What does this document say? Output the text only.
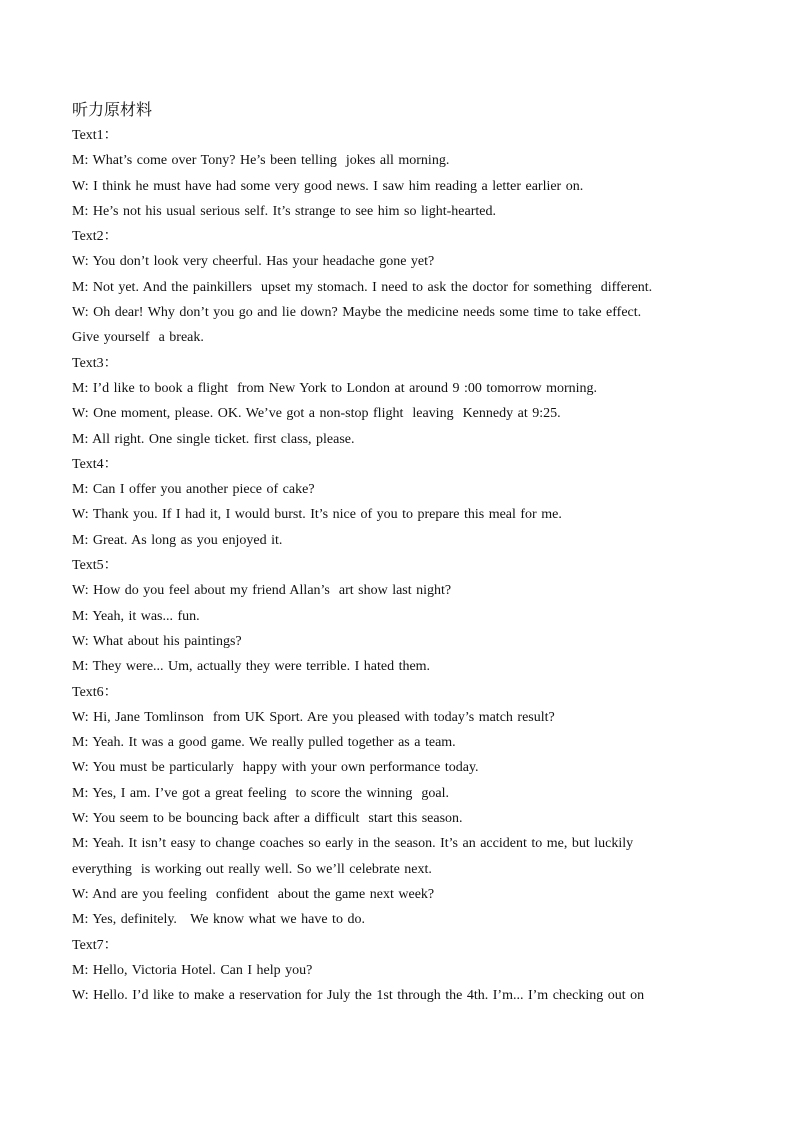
听力原材料
Text1：
M: What’s come over Tony? He’s been telling  jokes all morning.
W: I think he must have had some very good news. I saw him reading a letter earlier on.
M: He’s not his usual serious self. It’s strange to see him so light-hearted.
Text2：
W: You don’t look very cheerful. Has your headache gone yet?
M: Not yet. And the painkillers  upset my stomach. I need to ask the doctor for something  different.
W: Oh dear! Why don’t you go and lie down? Maybe the medicine needs some time to take effect.
Give yourself  a break.
Text3：
M: I’d like to book a flight  from New York to London at around 9 :00 tomorrow morning.
W: One moment, please. OK. We’ve got a non-stop flight  leaving  Kennedy at 9:25.
M: All right. One single ticket. first class, please.
Text4：
M: Can I offer you another piece of cake?
W: Thank you. If I had it, I would burst. It’s nice of you to prepare this meal for me.
M: Great. As long as you enjoyed it.
Text5：
W: How do you feel about my friend Allan’s  art show last night?
M: Yeah, it was... fun.
W: What about his paintings?
M: They were... Um, actually they were terrible. I hated them.
Text6：
W: Hi, Jane Tomlinson  from UK Sport. Are you pleased with today’s match result?
M: Yeah. It was a good game. We really pulled together as a team.
W: You must be particularly  happy with your own performance today.
M: Yes, I am. I’ve got a great feeling  to score the winning  goal.
W: You seem to be bouncing back after a difficult  start this season.
M: Yeah. It isn’t easy to change coaches so early in the season. It’s an accident to me, but luckily
everything  is working out really well. So we’ll celebrate next.
W: And are you feeling  confident  about the game next week?
M: Yes, definitely.   We know what we have to do.
Text7：
M: Hello, Victoria Hotel. Can I help you?
W: Hello. I’d like to make a reservation for July the 1st through the 4th. I’m... I’m checking out on
